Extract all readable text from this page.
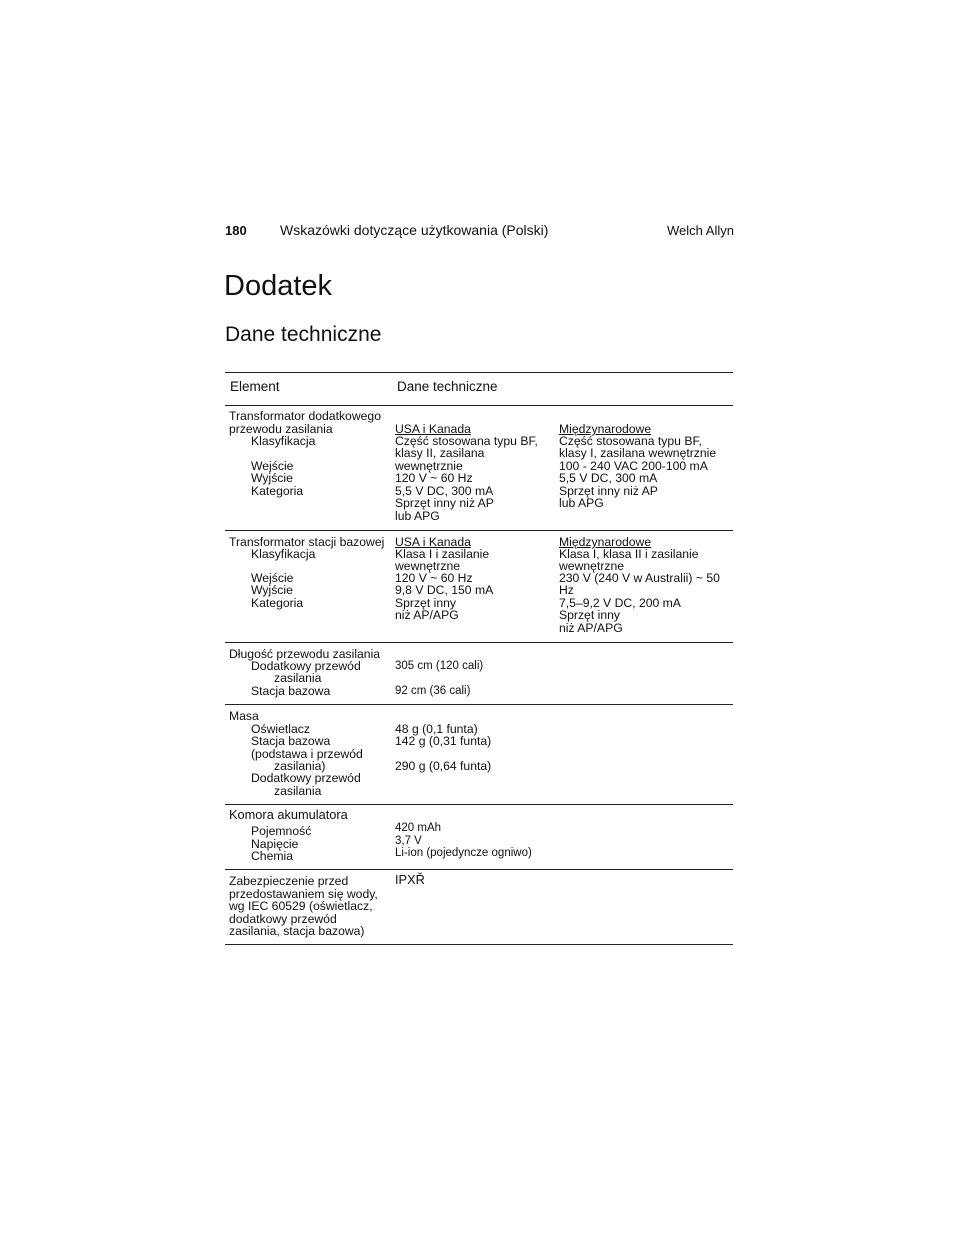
180 Wskazówki dotyczące użytkowania (Polski)	Welch Allyn
Dodatek
Dane techniczne
Element	Dane techniczne
Transformator dodatkowego
przewodu zasilania
Klasyfikacja
Wejście
Wyjście
Kategoria
USA i Kanada
Część stosowana typu BF,
klasy II, zasilana
wewnętrznie
120 V ~ 60 Hz
5,5 V DC, 300 mA
Sprzęt inny niż AP
lub APG
Międzynarodowe
Część stosowana typu BF,
klasy I, zasilana wewnętrznie
100 - 240 VAC 200-100 mA
5,5 V DC, 300 mA
Sprzęt inny niż AP
lub APG
Transformator stacji bazowej
Klasyfikacja
Wejście
Wyjście
Kategoria
USA i Kanada
Klasa I i zasilanie
wewnętrzne
120 V ~ 60 Hz
9,8 V DC, 150 mA
Sprzęt inny
niż AP/APG
Międzynarodowe
Klasa I, klasa II i zasilanie
wewnętrzne
230 V (240 V w Australii) ~ 50
Hz
7,5–9,2 V DC, 200 mA
Sprzęt inny
niż AP/APG
Długość przewodu zasilania
Dodatkowy przewód
zasilania
Stacja bazowa
305 cm (120 cali)
92 cm (36 cali)
Masa
Oświetlacz
Stacja bazowa
(podstawa i przewód
zasilania)
Dodatkowy przewód
zasilania
48 g (0,1 funta)
142 g (0,31 funta)
290 g (0,64 funta)
Komora akumulatora
Pojemność
Napięcie
Chemia
420 mAh
3,7 V
Li-ion (pojedyncze ogniwo)
Zabezpieczenie przed
przedostawaniem się wody,
wg IEC 60529 (oświetlacz,
dodatkowy przewód
zasilania, stacja bazowa)
IPXŘ
